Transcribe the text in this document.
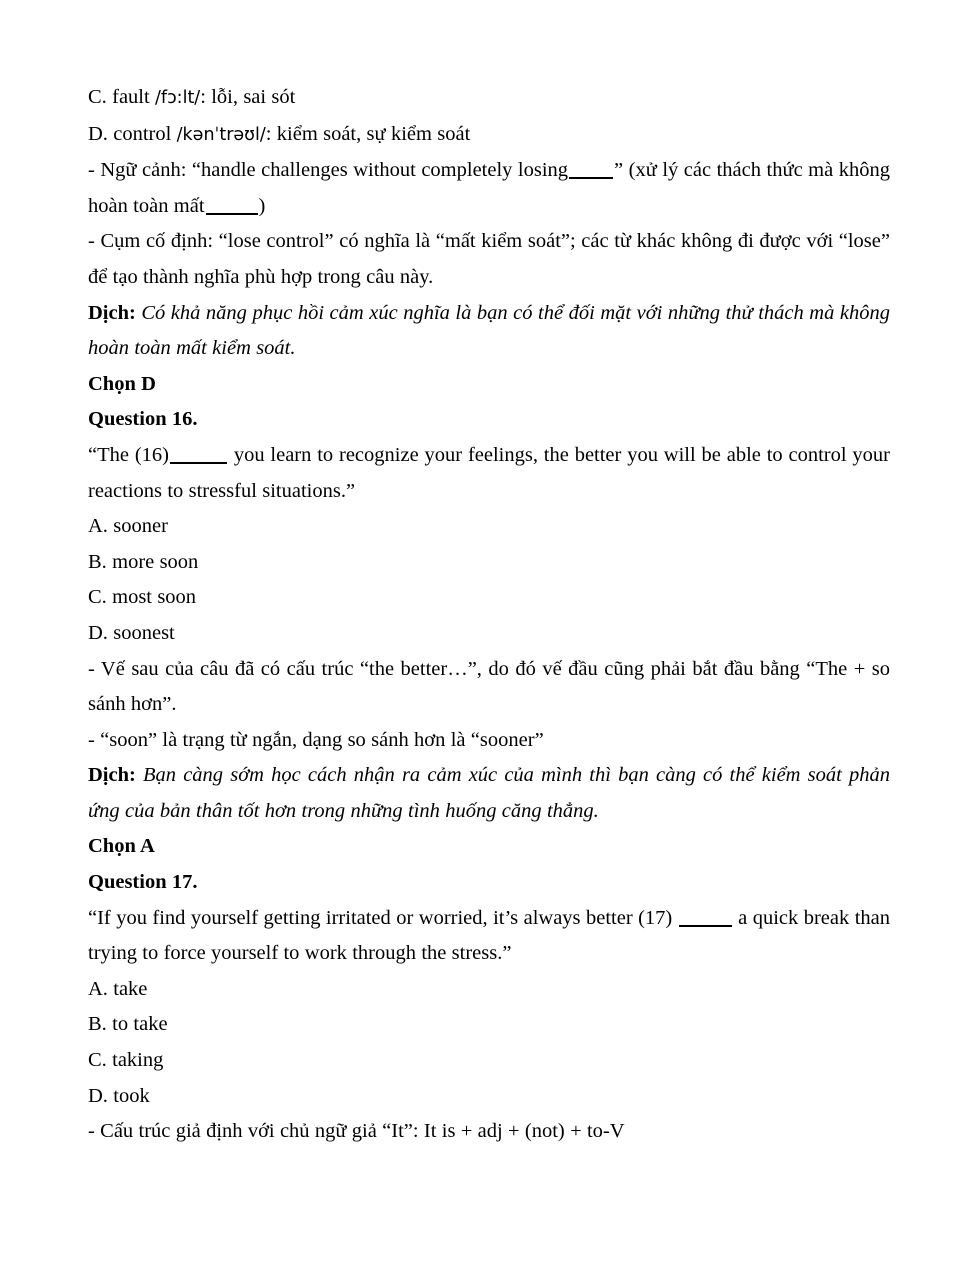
C. fault /fɔ:lt/: lỗi, sai sót

D. control /kənˈtrəʊl/: kiểm soát, sự kiểm soát

- Ngữ cảnh: “handle challenges without completely losing ” (xử lý các thách thức mà không hoàn toàn mất	)

- Cụm cố định: “lose control” có nghĩa là “mất kiểm soát”; các từ khác không đi được với “lose” để tạo thành nghĩa phù hợp trong câu này.

Dịch: Có khả năng phục hồi cảm xúc nghĩa là bạn có thể đối mặt với những thử thách mà không hoàn toàn mất kiểm soát.

Chọn D

Question 16.

“The (16)	you learn to recognize your feelings, the better you will be able to control your reactions to stressful situations.”

A. sooner

B. more soon

C. most soon

D. soonest

- Vế sau của câu đã có cấu trúc “the better…”, do đó vế đầu cũng phải bắt đầu bằng “The + so sánh hơn”.

- “soon” là trạng từ ngắn, dạng so sánh hơn là “sooner”

Dịch: Bạn càng sớm học cách nhận ra cảm xúc của mình thì bạn càng có thể kiểm soát phản ứng của bản thân tốt hơn trong những tình huống căng thẳng.

Chọn A

Question 17.

“If you find yourself getting irritated or worried, it’s always better (17)	a quick break than trying to force yourself to work through the stress.”

A. take

B. to take

C. taking

D. took

- Cấu trúc giả định với chủ ngữ giả “It”: It is + adj + (not) + to-V
